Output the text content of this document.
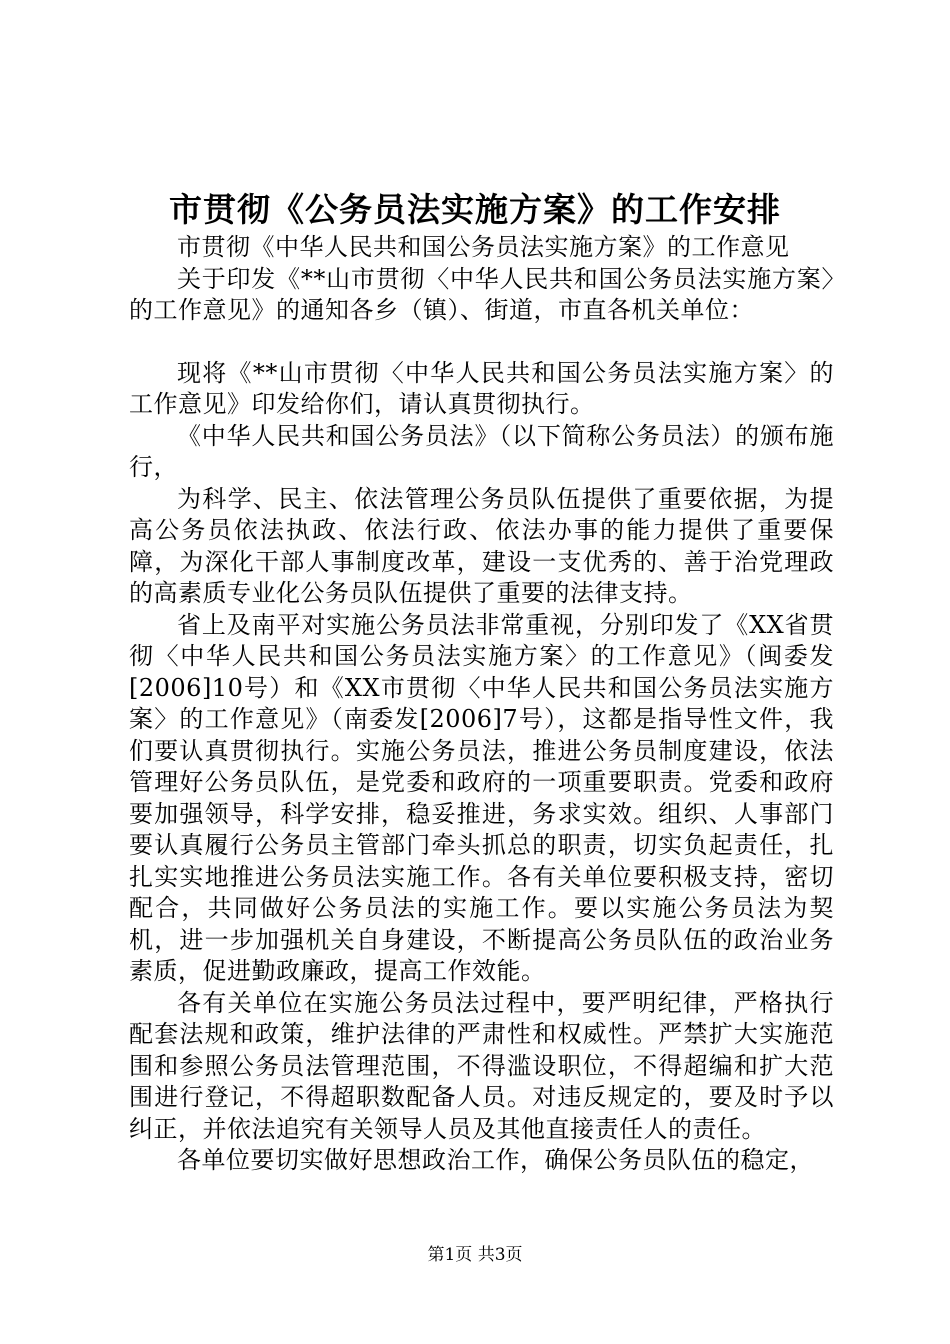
市贯彻《公务员法实施方案》的工作安排

市贯彻《中华人民共和国公务员法实施方案》的工作意见

关于印发《**山市贯彻〈中华人民共和国公务员法实施方案〉的工作意见》的通知各乡（镇）、街道，市直各机关单位：

现将《**山市贯彻〈中华人民共和国公务员法实施方案〉的工作意见》印发给你们，请认真贯彻执行。

《中华人民共和国公务员法》（以下简称公务员法）的颁布施行，

为科学、民主、依法管理公务员队伍提供了重要依据，为提高公务员依法执政、依法行政、依法办事的能力提供了重要保障，为深化干部人事制度改革，建设一支优秀的、善于治党理政的高素质专业化公务员队伍提供了重要的法律支持。

省上及南平对实施公务员法非常重视，分别印发了《XX省贯彻〈中华人民共和国公务员法实施方案〉的工作意见》（闽委发[2006]10号）和《XX市贯彻〈中华人民共和国公务员法实施方案〉的工作意见》（南委发[2006]7号），这都是指导性文件，我们要认真贯彻执行。实施公务员法，推进公务员制度建设，依法管理好公务员队伍，是党委和政府的一项重要职责。党委和政府要加强领导，科学安排，稳妥推进，务求实效。组织、人事部门要认真履行公务员主管部门牵头抓总的职责，切实负起责任，扎扎实实地推进公务员法实施工作。各有关单位要积极支持，密切配合，共同做好公务员法的实施工作。要以实施公务员法为契机，进一步加强机关自身建设，不断提高公务员队伍的政治业务素质，促进勤政廉政，提高工作效能。

各有关单位在实施公务员法过程中，要严明纪律，严格执行配套法规和政策，维护法律的严肃性和权威性。严禁扩大实施范围和参照公务员法管理范围，不得滥设职位，不得超编和扩大范围进行登记，不得超职数配备人员。对违反规定的，要及时予以纠正，并依法追究有关领导人员及其他直接责任人的责任。

各单位要切实做好思想政治工作，确保公务员队伍的稳定，

第1页 共3页
